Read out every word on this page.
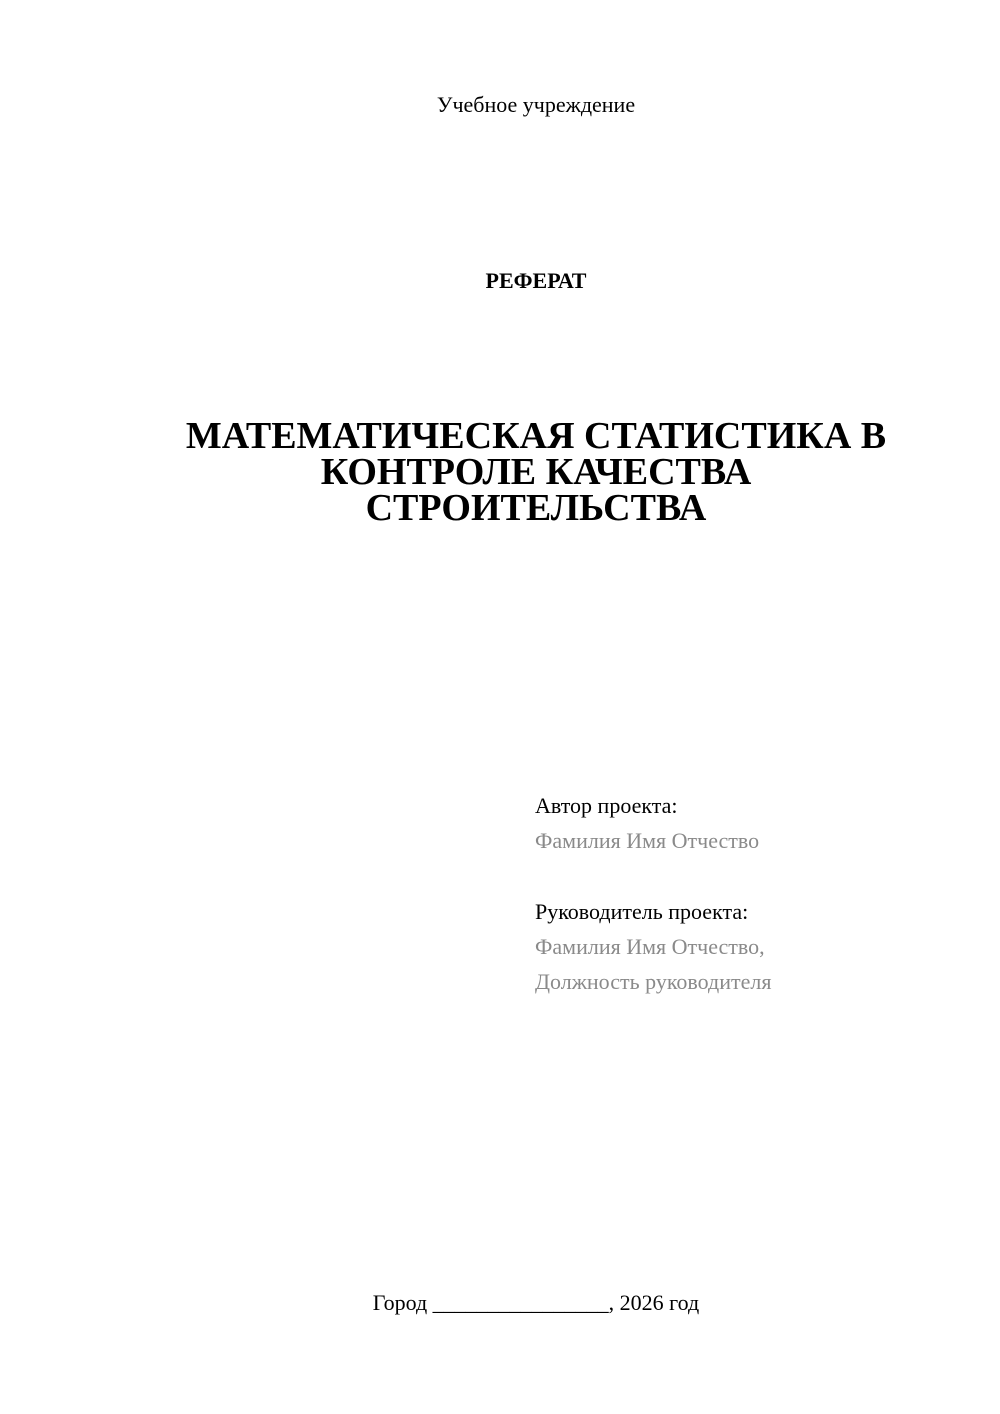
Учебное учреждение
РЕФЕРАТ
МАТЕМАТИЧЕСКАЯ СТАТИСТИКА В
КОНТРОЛЕ КАЧЕСТВА
СТРОИТЕЛЬСТВА
Автор проекта:
Фамилия Имя Отчество
Руководитель проекта:
Фамилия Имя Отчество,
Должность руководителя
Город ________________, 2026 год
